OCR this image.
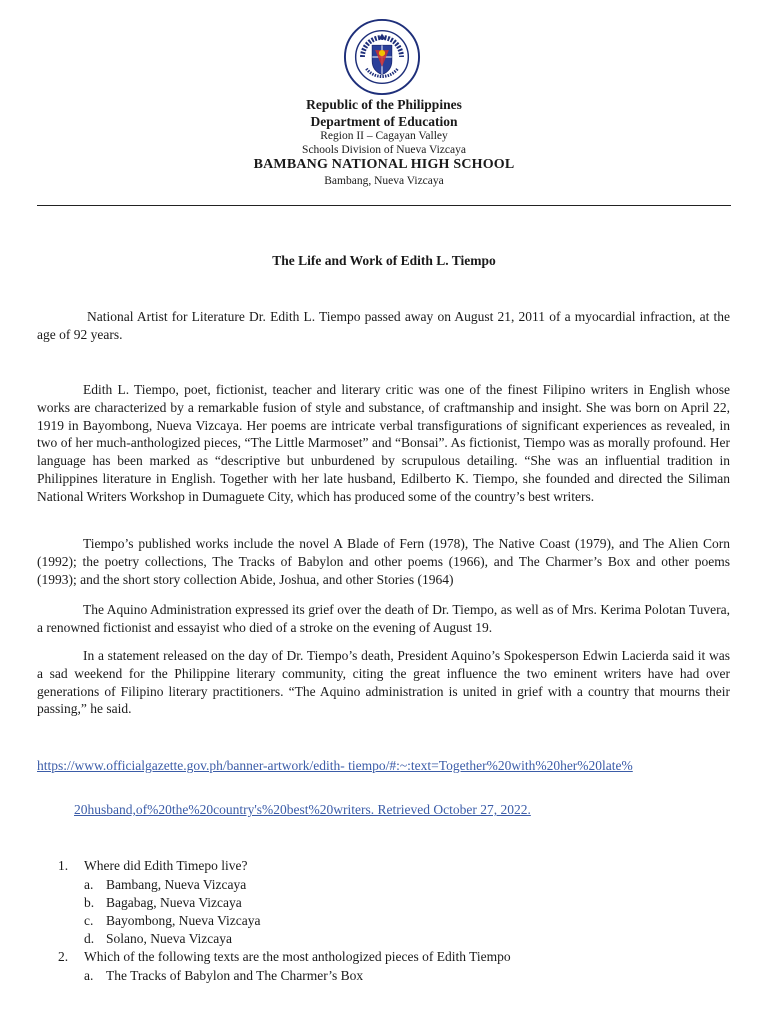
Republic of the Philippines
Department of Education
Region II – Cagayan Valley
Schools Division of Nueva Vizcaya
BAMBANG NATIONAL HIGH SCHOOL
Bambang, Nueva Vizcaya
The Life and Work of Edith L. Tiempo

National Artist for Literature Dr. Edith L. Tiempo passed away on August 21, 2011 of a myocardial infraction, at the age of 92 years.

Edith L. Tiempo, poet, fictionist, teacher and literary critic was one of the finest Filipino writers in English whose works are characterized by a remarkable fusion of style and substance, of craftmanship and insight. She was born on April 22, 1919 in Bayombong, Nueva Vizcaya. Her poems are intricate verbal transfigurations of significant experiences as revealed, in two of her much-anthologized pieces, “The Little Marmoset” and “Bonsai”. As fictionist, Tiempo was as morally profound. Her language has been marked as “descriptive but unburdened by scrupulous detailing. “She was an influential tradition in Philippines literature in English. Together with her late husband, Edilberto K. Tiempo, she founded and directed the Siliman National Writers Workshop in Dumaguete City, which has produced some of the country’s best writers.

Tiempo’s published works include the novel A Blade of Fern (1978), The Native Coast (1979), and The Alien Corn (1992); the poetry collections, The Tracks of Babylon and other poems (1966), and The Charmer’s Box and other poems (1993); and the short story collection Abide, Joshua, and other Stories (1964)

The Aquino Administration expressed its grief over the death of Dr. Tiempo, as well as of Mrs. Kerima Polotan Tuvera, a renowned fictionist and essayist who died of a stroke on the evening of August 19.

In a statement released on the day of Dr. Tiempo’s death, President Aquino’s Spokesperson Edwin Lacierda said it was a sad weekend for the Philippine literary community, citing the great influence the two eminent writers have had over generations of Filipino literary practitioners. “The Aquino administration is united in grief with a country that mourns their passing,” he said.

https://www.officialgazette.gov.ph/banner-artwork/edith- tiempo/#:~:text=Together%20with%20her%20late%
20husband,of%20the%20country's%20best%20writers. Retrieved October 27, 2022.
1. Where did Edith Timepo live?
a. Bambang, Nueva Vizcaya
b. Bagabag, Nueva Vizcaya
c. Bayombong, Nueva Vizcaya
d. Solano, Nueva Vizcaya
2. Which of the following texts are the most anthologized pieces of Edith Tiempo
a. The Tracks of Babylon and The Charmer’s Box
